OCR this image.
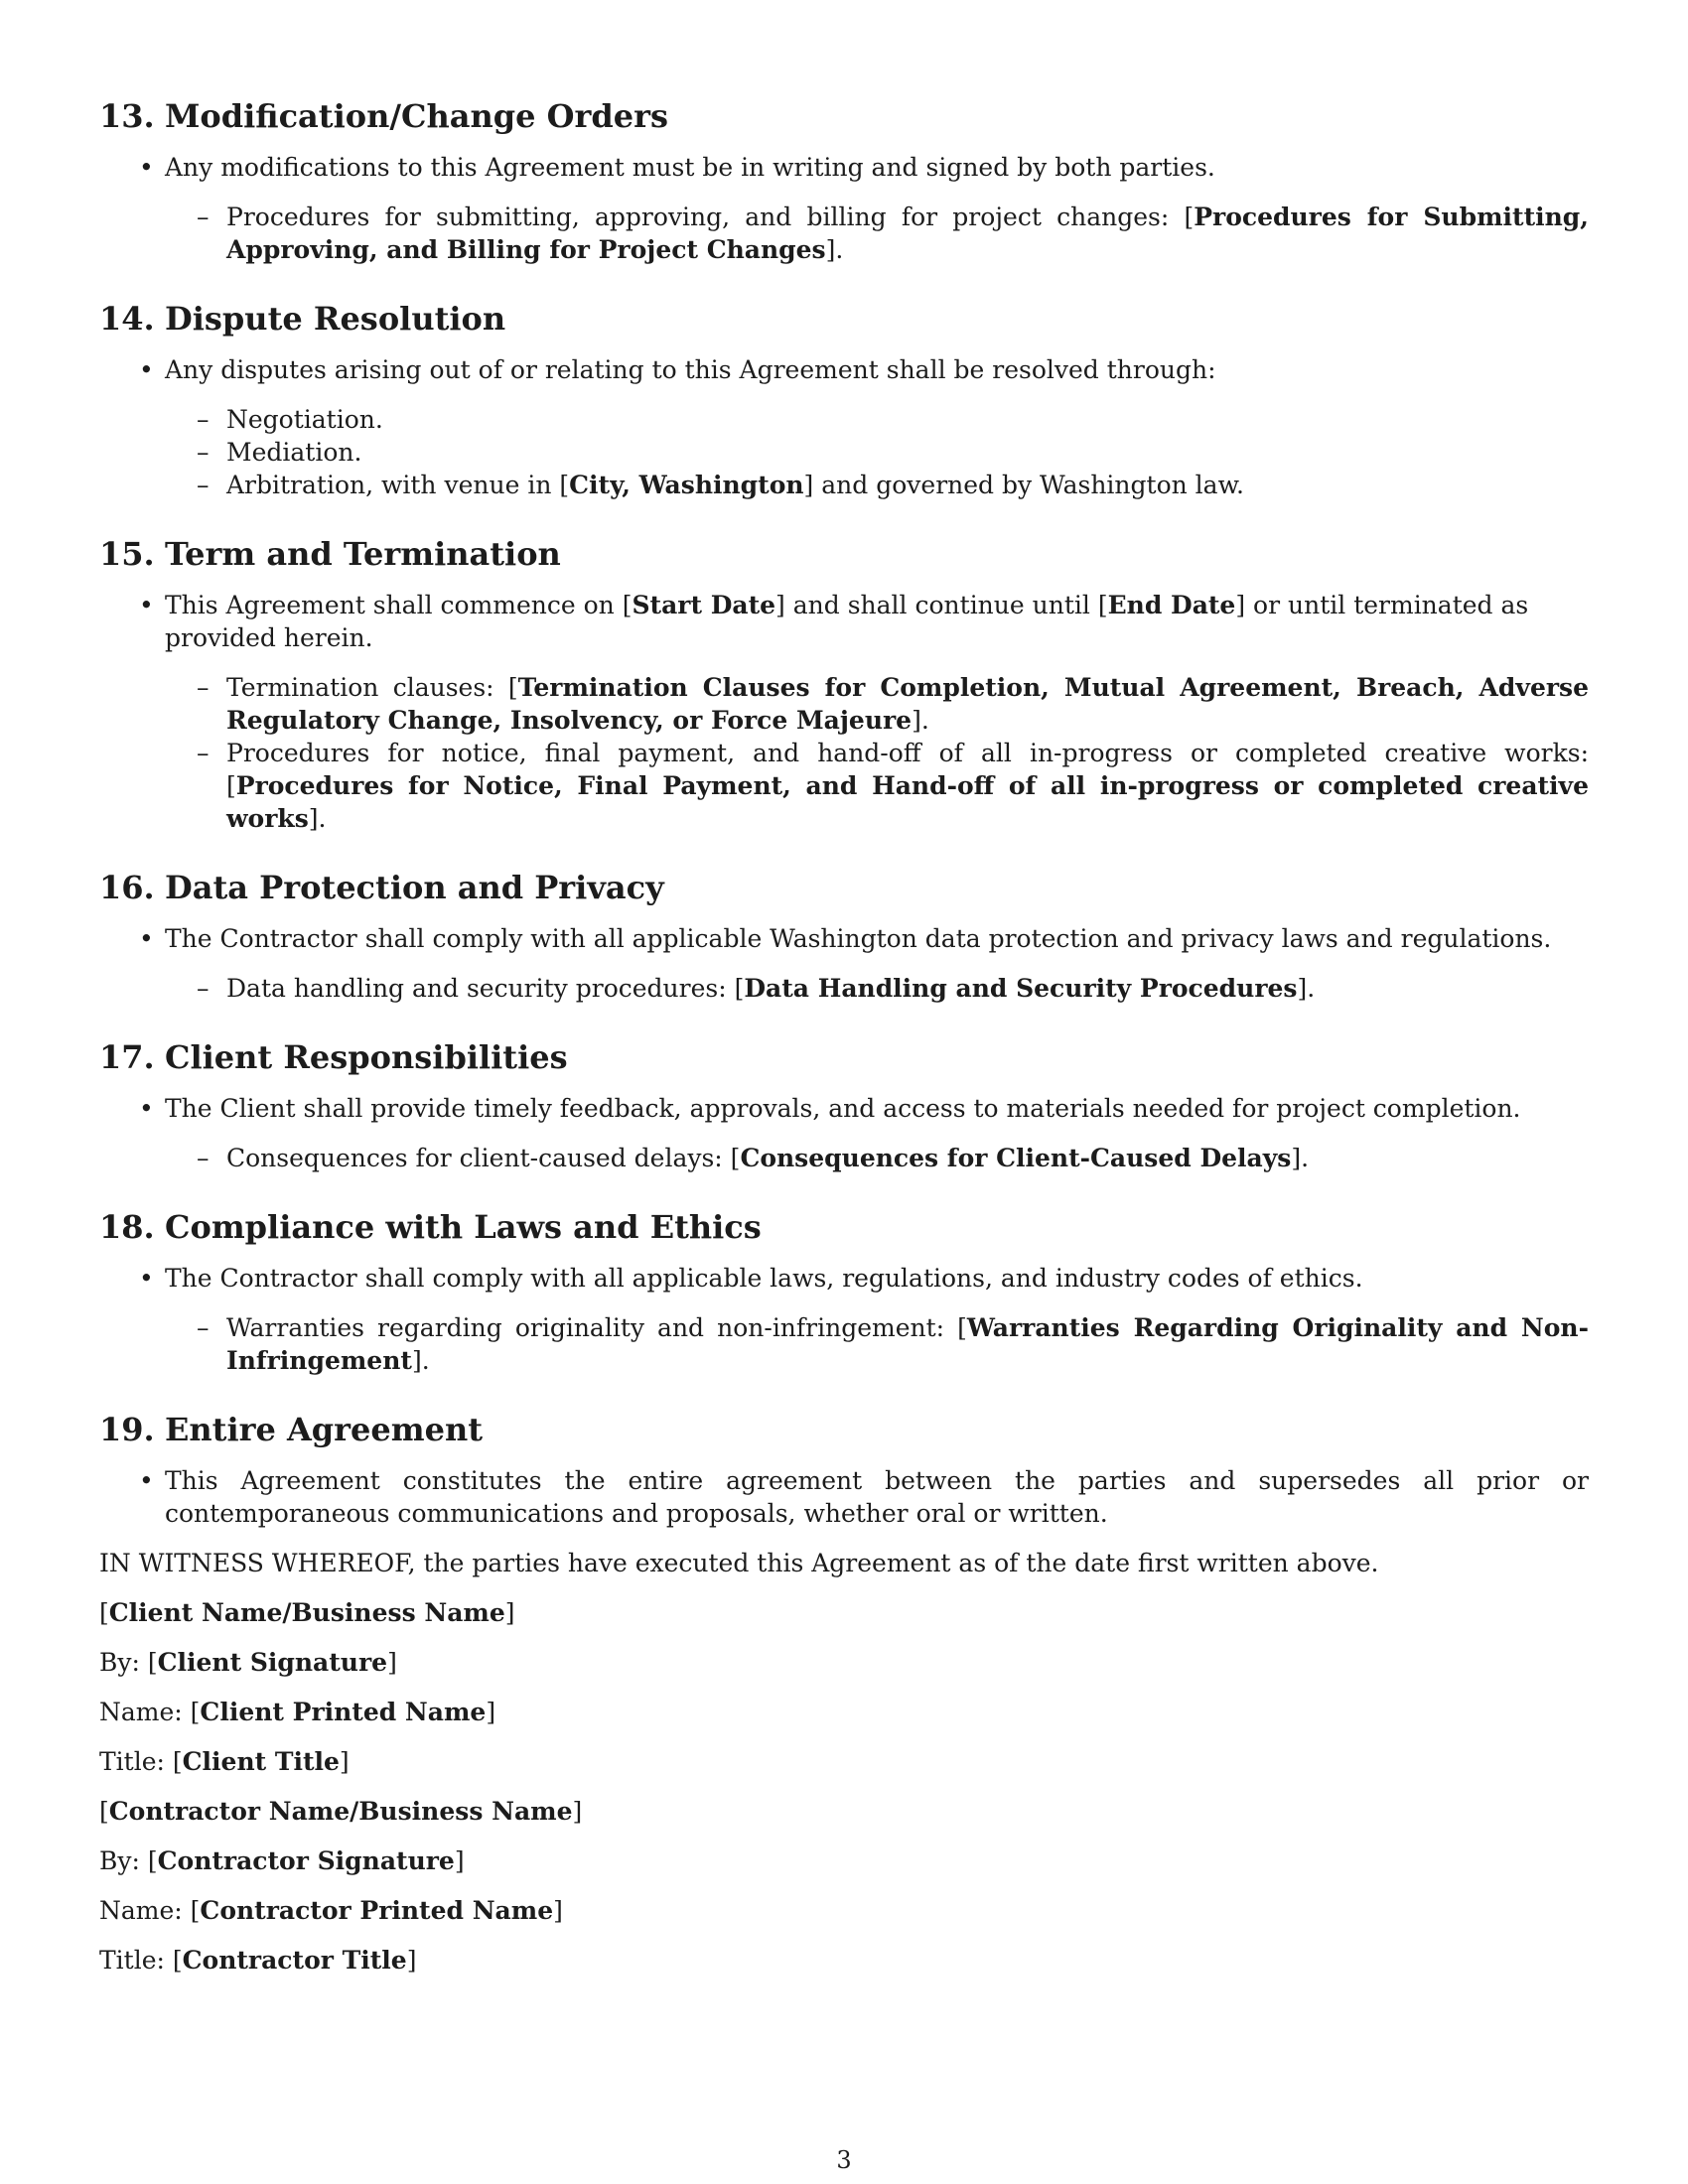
13. Modification/Change Orders
• Any modifications to this Agreement must be in writing and signed by both parties.
– Procedures for submitting, approving, and billing for project changes: [Procedures for Submitting, Approving, and Billing for Project Changes].
14. Dispute Resolution
• Any disputes arising out of or relating to this Agreement shall be resolved through:
– Negotiation.
– Mediation.
– Arbitration, with venue in [City, Washington] and governed by Washington law.
15. Term and Termination
• This Agreement shall commence on [Start Date] and shall continue until [End Date] or until terminated as provided herein.
– Termination clauses: [Termination Clauses for Completion, Mutual Agreement, Breach, Adverse Regulatory Change, Insolvency, or Force Majeure].
– Procedures for notice, final payment, and hand-off of all in-progress or completed creative works: [Procedures for Notice, Final Payment, and Hand-off of all in-progress or completed creative works].
16. Data Protection and Privacy
• The Contractor shall comply with all applicable Washington data protection and privacy laws and regulations.
– Data handling and security procedures: [Data Handling and Security Procedures].
17. Client Responsibilities
• The Client shall provide timely feedback, approvals, and access to materials needed for project completion.
– Consequences for client-caused delays: [Consequences for Client-Caused Delays].
18. Compliance with Laws and Ethics
• The Contractor shall comply with all applicable laws, regulations, and industry codes of ethics.
– Warranties regarding originality and non-infringement: [Warranties Regarding Originality and Non-Infringement].
19. Entire Agreement
• This Agreement constitutes the entire agreement between the parties and supersedes all prior or contemporaneous communications and proposals, whether oral or written.

IN WITNESS WHEREOF, the parties have executed this Agreement as of the date first written above.

[Client Name/Business Name]

By: [Client Signature]

Name: [Client Printed Name]

Title: [Client Title]

[Contractor Name/Business Name]

By: [Contractor Signature]

Name: [Contractor Printed Name]

Title: [Contractor Title]

3
